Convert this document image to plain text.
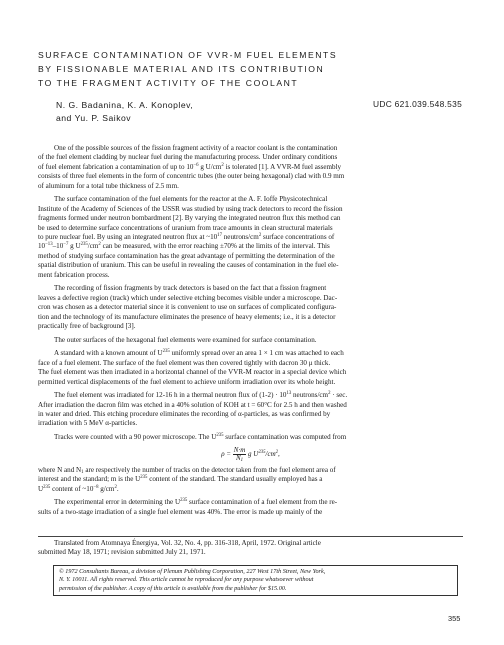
SURFACE CONTAMINATION OF VVR-M FUEL ELEMENTS
BY FISSIONABLE MATERIAL AND ITS CONTRIBUTION
TO THE FRAGMENT ACTIVITY OF THE COOLANT
N. G. Badanina, K. A. Konoplev,
and Yu. P. Saikov
UDC 621.039.548.535

One of the possible sources of the fission fragment activity of a reactor coolant is the contamination
of the fuel element cladding by nuclear fuel during the manufacturing process. Under ordinary conditions
of fuel element fabrication a contamination of up to $10^{-6}$ g $U/cm^2$ is tolerated [1]. A VVR-M fuel assembly
consists of three fuel elements in the form of concentric tubes (the outer being hexagonal) clad with 0.9 mm
of aluminum for a total tube thickness of 2.5 mm.

The surface contamination of the fuel elements for the reactor at the A. F. Ioffe Physicotechnical
Institute of the Academy of Sciences of the USSR was studied by using track detectors to record the fission
fragments formed under neutron bombardment [2]. By varying the integrated neutron flux this method can
be used to determine surface concentrations of uranium from trace amounts in clean structural materials
to pure nuclear fuel. By using an integrated neutron flux at $\sim 10^{17}$ neutrons/$cm^2$ surface concentrations of
$10^{-13}-10^{-7}$ g $U^{235}/cm^2$ can be measured, with the error reaching ±70% at the limits of the interval. This
method of studying surface contamination has the great advantage of permitting the determination of the
spatial distribution of uranium. This can be useful in revealing the causes of contamination in the fuel ele-
ment fabrication process.

The recording of fission fragments by track detectors is based on the fact that a fission fragment
leaves a defective region (track) which under selective etching becomes visible under a microscope. Dac-
cron was chosen as a detector material since it is convenient to use on surfaces of complicated configura-
tion and the technology of its manufacture eliminates the presence of heavy elements; i.e., it is a detector
practically free of background [3].

The outer surfaces of the hexagonal fuel elements were examined for surface contamination.

A standard with a known amount of $U^{235}$ uniformly spread over an area 1 × 1 cm was attached to each
face of a fuel element. The surface of the fuel element was then covered tightly with dacron 30 μ thick.
The fuel element was then irradiated in a horizontal channel of the VVR-M reactor in a special device which
permitted vertical displacements of the fuel element to achieve uniform irradiation over its whole height.

The fuel element was irradiated for 12-16 h in a thermal neutron flux of $(1-2) \cdot 10^{13}$ neutrons/$cm^2 \cdot \sec$.
After irradiation the dacron film was etched in a 40% solution of KOH at t = 60°C for 2.5 h and then washed
in water and dried. This etching procedure eliminates the recording of α-particles, as was confirmed by
irradiation with 5 MeV α-particles.

Tracks were counted with a 90 power microscope. The $U^{235}$ surface contamination was computed from

$\rho = \frac{N\cdot m}{N_1}$ g $U^{235}/cm^2$,

where N and $N_1$ are respectively the number of tracks on the detector taken from the fuel element area of
interest and the standard; m is the $U^{235}$ content of the standard. The standard usually employed has a
$U^{235}$ content of $\sim 10^{-8}$ $g/cm^2$.

The experimental error in determining the $U^{235}$ surface contamination of a fuel element from the re-
sults of a two-stage irradiation of a single fuel element was 40%. The error is made up mainly of the

Translated from Atomnaya Énergiya, Vol. 32, No. 4, pp. 316-318, April, 1972. Original article
submitted May 18, 1971; revision submitted July 21, 1971.
© 1972 Consultants Bureau, a division of Plenum Publishing Corporation, 227 West 17th Street, New York,
N. Y. 10011. All rights reserved. This article cannot be reproduced for any purpose whatsoever without
permission of the publisher. A copy of this article is available from the publisher for $15.00.
355
